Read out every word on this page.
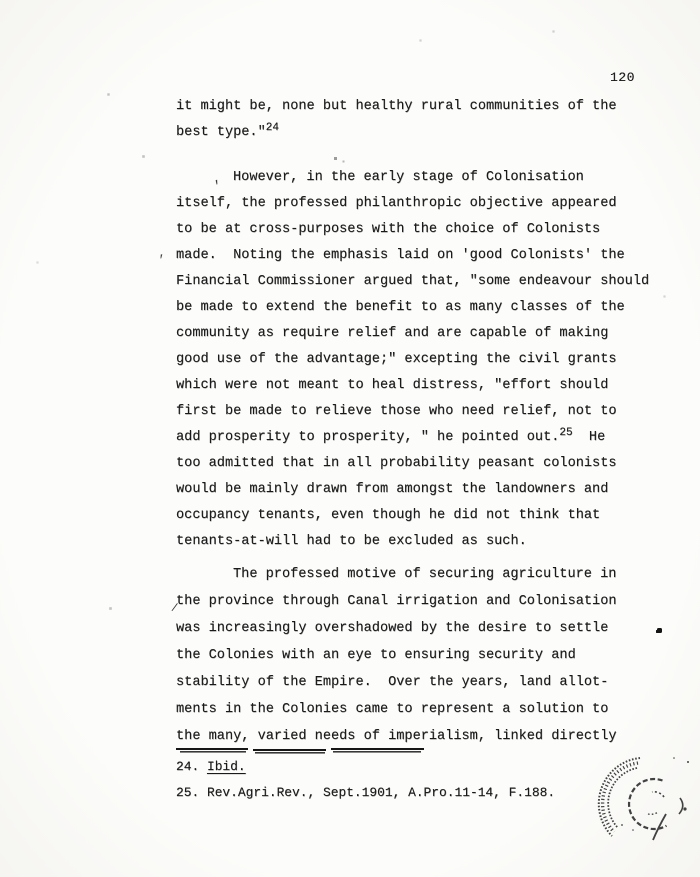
120
it might be, none but healthy rural communities of the
best type."$^{24}$
However, in the early stage of Colonisation
itself, the professed philanthropic objective appeared
to be at cross-purposes with the choice of Colonists
made.  Noting the emphasis laid on 'good Colonists' the
Financial Commissioner argued that, "some endeavour should
be made to extend the benefit to as many classes of the
community as require relief and are capable of making
good use of the advantage;" excepting the civil grants
which were not meant to heal distress, "effort should
first be made to relieve those who need relief, not to
add prosperity to prosperity, " he pointed out.$^{25}$  He
too admitted that in all probability peasant colonists
would be mainly drawn from amongst the landowners and
occupancy tenants, even though he did not think that
tenants-at-will had to be excluded as such.
The professed motive of securing agriculture in
the province through Canal irrigation and Colonisation
was increasingly overshadowed by the desire to settle
the Colonies with an eye to ensuring security and
stability of the Empire.  Over the years, land allot-
ments in the Colonies came to represent a solution to
the many, varied needs of imperialism, linked directly
24. Ibid.
25. Rev.Agri.Rev., Sept.1901, A.Pro.11-14, F.188.
,
,
/
